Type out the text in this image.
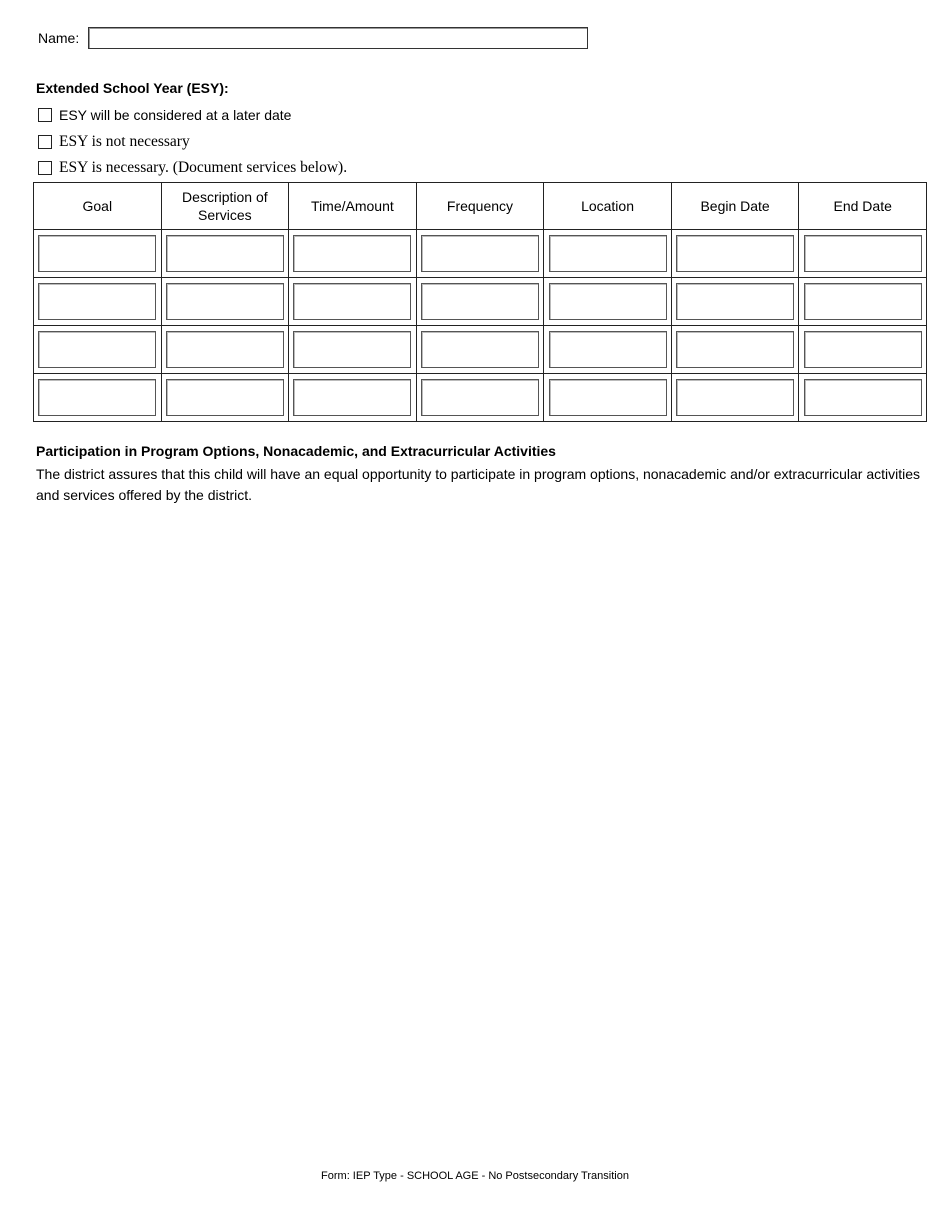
Name:
Extended School Year (ESY):
ESY will be considered at a later date
ESY is not necessary
ESY is necessary. (Document services below).
Goal	Description of Services	Time/Amount	Frequency	Location	Begin Date	End Date

Participation in Program Options, Nonacademic, and Extracurricular Activities
The district assures that this child will have an equal opportunity to participate in program options, nonacademic and/or extracurricular activities and services offered by the district.
Form: IEP Type - SCHOOL AGE - No Postsecondary Transition
